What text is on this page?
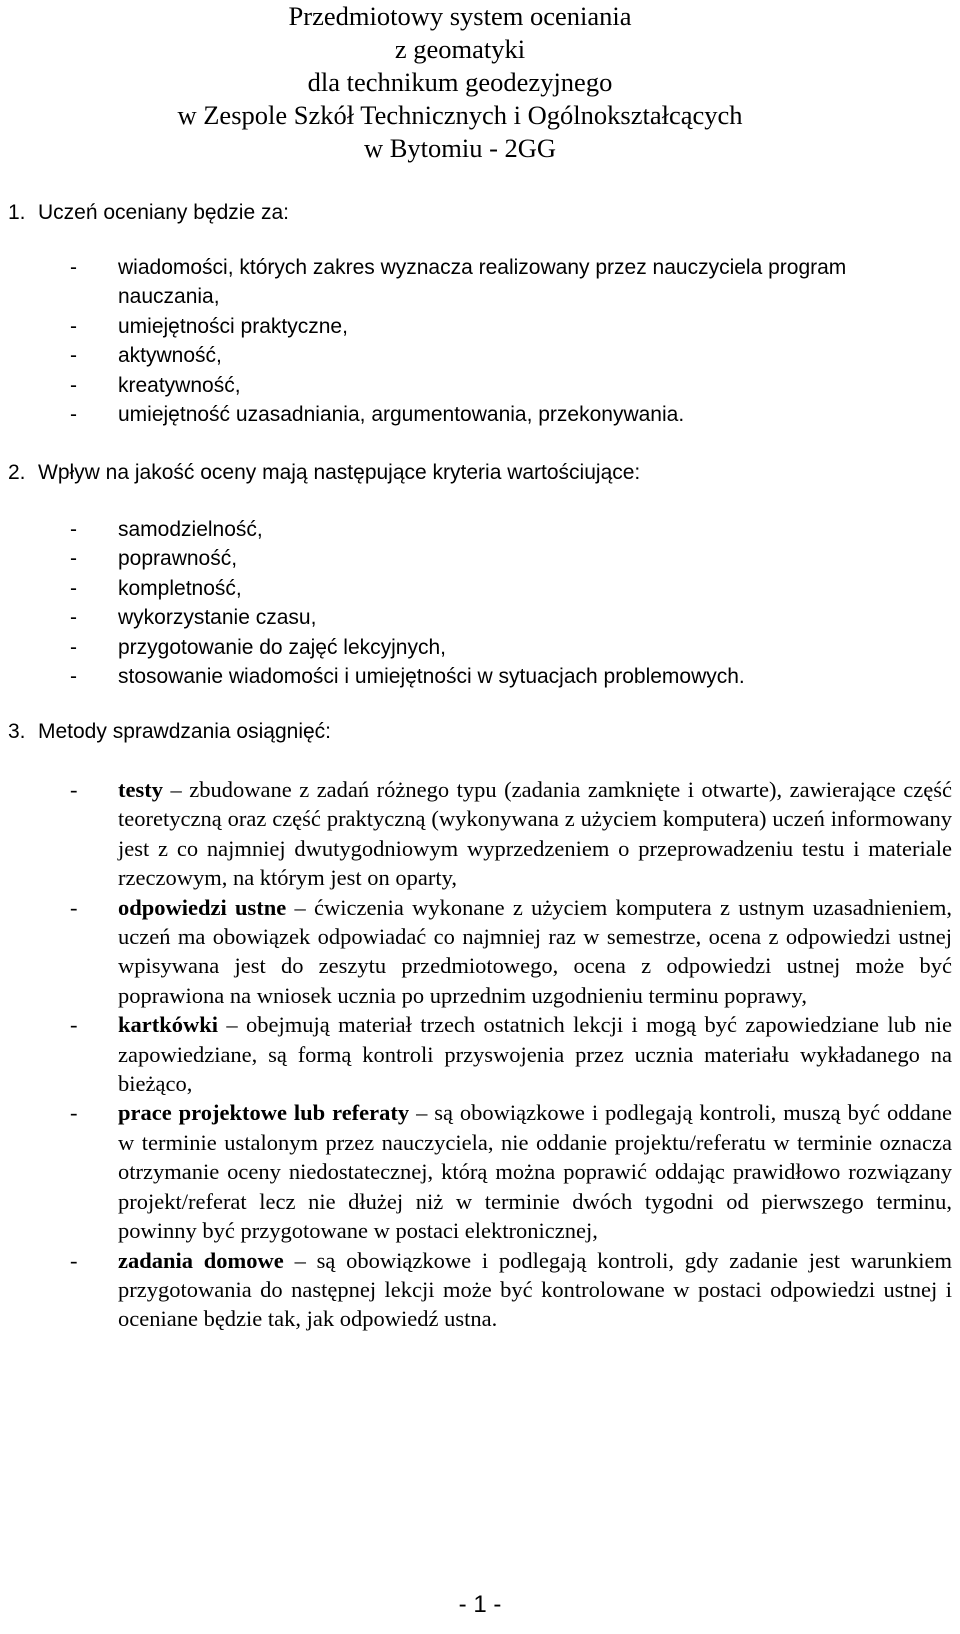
Przedmiotowy system oceniania
z geomatyki
dla technikum geodezyjnego
w Zespole Szkół Technicznych i Ogólnokształcących
w Bytomiu - 2GG
1. Uczeń oceniany będzie za:
- wiadomości, których zakres wyznacza realizowany przez nauczyciela program nauczania,
- umiejętności praktyczne,
- aktywność,
- kreatywność,
- umiejętność uzasadniania, argumentowania, przekonywania.
2. Wpływ na jakość oceny mają następujące kryteria wartościujące:
- samodzielność,
- poprawność,
- kompletność,
- wykorzystanie czasu,
- przygotowanie do zajęć lekcyjnych,
- stosowanie wiadomości i umiejętności w sytuacjach problemowych.
3. Metody sprawdzania osiągnięć:
- testy – zbudowane z zadań różnego typu (zadania zamknięte i otwarte), zawierające część teoretyczną oraz część praktyczną (wykonywana z użyciem komputera) uczeń informowany jest z co najmniej dwutygodniowym wyprzedzeniem o przeprowadzeniu testu i materiale rzeczowym, na którym jest on oparty,
- odpowiedzi ustne – ćwiczenia wykonane z użyciem komputera z ustnym uzasadnieniem, uczeń ma obowiązek odpowiadać co najmniej raz w semestrze, ocena z odpowiedzi ustnej wpisywana jest do zeszytu przedmiotowego, ocena z odpowiedzi ustnej może być poprawiona na wniosek ucznia po uprzednim uzgodnieniu terminu poprawy,
- kartkówki – obejmują materiał trzech ostatnich lekcji i mogą być zapowiedziane lub nie zapowiedziane, są formą kontroli przyswojenia przez ucznia materiału wykładanego na bieżąco,
- prace projektowe lub referaty – są obowiązkowe i podlegają kontroli, muszą być oddane w terminie ustalonym przez nauczyciela, nie oddanie projektu/referatu w terminie oznacza otrzymanie oceny niedostatecznej, którą można poprawić oddając prawidłowo rozwiązany projekt/referat lecz nie dłużej niż w terminie dwóch tygodni od pierwszego terminu, powinny być przygotowane w postaci elektronicznej,
- zadania domowe – są obowiązkowe i podlegają kontroli, gdy zadanie jest warunkiem przygotowania do następnej lekcji może być kontrolowane w postaci odpowiedzi ustnej i oceniane będzie tak, jak odpowiedź ustna.
- 1 -
